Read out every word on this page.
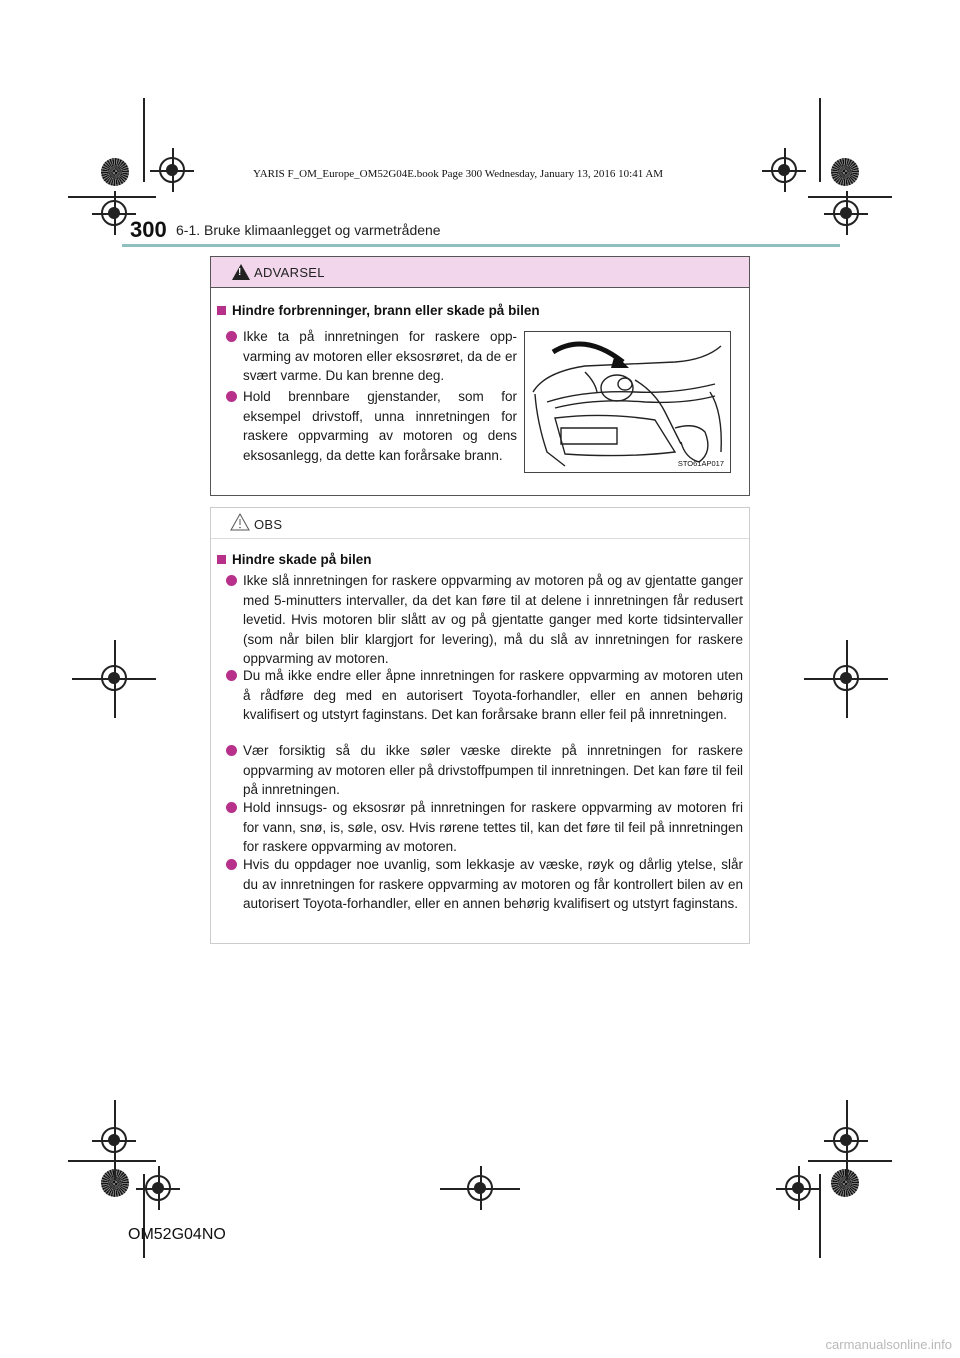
YARIS F_OM_Europe_OM52G04E.book Page 300 Wednesday, January 13, 2016 10:41 AM
300 6-1. Bruke klimaanlegget og varmetrådene
!
ADVARSEL
Hindre forbrenninger, brann eller skade på bilen
Ikke ta på innretningen for raskere opp-varming av motoren eller eksosrøret, da de er svært varme. Du kan brenne deg.
Hold brennbare gjenstander, som for eksempel drivstoff, unna innretningen for raskere oppvarming av motoren og dens eksosanlegg, da dette kan forårsake brann.
STO61AP017
OBS
Hindre skade på bilen
Ikke slå innretningen for raskere oppvarming av motoren på og av gjentatte ganger med 5-minutters intervaller, da det kan føre til at delene i innretningen får redusert levetid. Hvis motoren blir slått av og på gjentatte ganger med korte tidsintervaller (som når bilen blir klargjort for levering), må du slå av innretningen for raskere oppvarming av motoren.
Du må ikke endre eller åpne innretningen for raskere oppvarming av motoren uten å rådføre deg med en autorisert Toyota-forhandler, eller en annen behørig kvalifisert og utstyrt faginstans. Det kan forårsake brann eller feil på innretningen.
Vær forsiktig så du ikke søler væske direkte på innretningen for raskere oppvarming av motoren eller på drivstoffpumpen til innretningen. Det kan føre til feil på innretningen.
Hold innsugs- og eksosrør på innretningen for raskere oppvarming av motoren fri for vann, snø, is, søle, osv. Hvis rørene tettes til, kan det føre til feil på innretningen for raskere oppvarming av motoren.
Hvis du oppdager noe uvanlig, som lekkasje av væske, røyk og dårlig ytelse, slår du av innretningen for raskere oppvarming av motoren og får kontrollert bilen av en autorisert Toyota-forhandler, eller en annen behørig kvalifisert og utstyrt faginstans.
OM52G04NO
carmanualsonline.info
